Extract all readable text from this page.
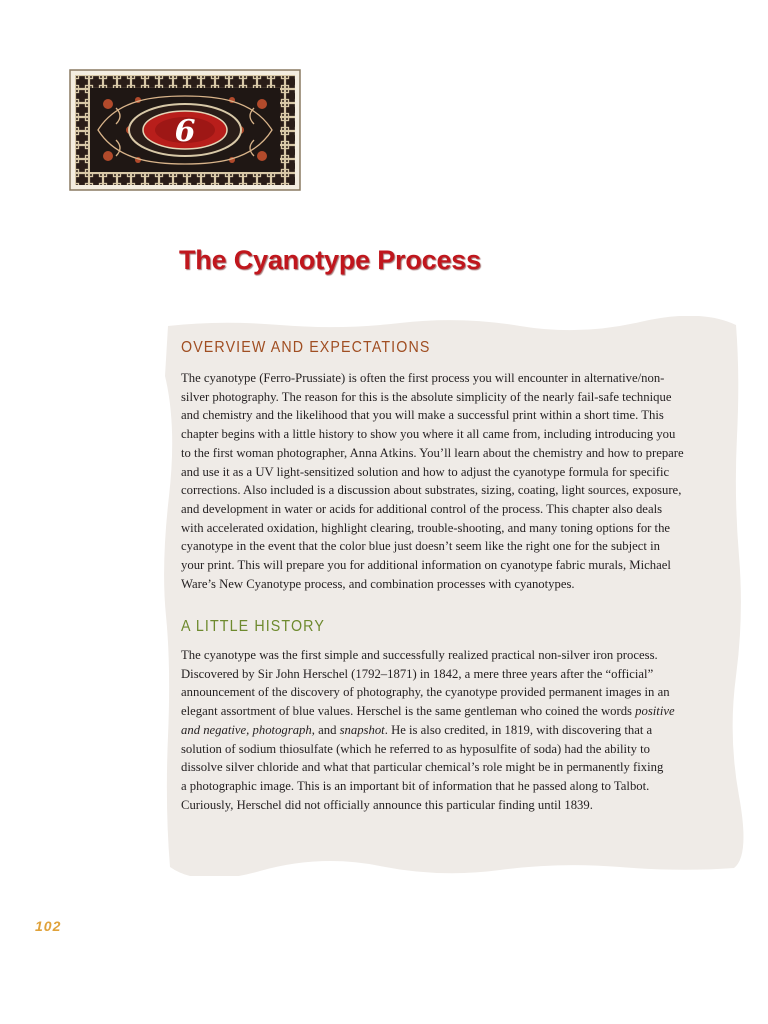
6
The Cyanotype Process
OVERVIEW AND EXPECTATIONS

The cyanotype (Ferro-Prussiate) is often the first process you will encounter in alternative/non-
silver photography. The reason for this is the absolute simplicity of the nearly fail-safe technique
and chemistry and the likelihood that you will make a successful print within a short time. This
chapter begins with a little history to show you where it all came from, including introducing you
to the first woman photographer, Anna Atkins. You’ll learn about the chemistry and how to prepare
and use it as a UV light-sensitized solution and how to adjust the cyanotype formula for specific
corrections. Also included is a discussion about substrates, sizing, coating, light sources, exposure,
and development in water or acids for additional control of the process. This chapter also deals
with accelerated oxidation, highlight clearing, trouble-shooting, and many toning options for the
cyanotype in the event that the color blue just doesn’t seem like the right one for the subject in
your print. This will prepare you for additional information on cyanotype fabric murals, Michael
Ware’s New Cyanotype process, and combination processes with cyanotypes.

A LITTLE HISTORY

The cyanotype was the first simple and successfully realized practical non-silver iron process.
Discovered by Sir John Herschel (1792–1871) in 1842, a mere three years after the “official”
announcement of the discovery of photography, the cyanotype provided permanent images in an
elegant assortment of blue values. Herschel is the same gentleman who coined the words positive
and negative, photograph, and snapshot. He is also credited, in 1819, with discovering that a
solution of sodium thiosulfate (which he referred to as hyposulfite of soda) had the ability to
dissolve silver chloride and what that particular chemical’s role might be in permanently fixing
a photographic image. This is an important bit of information that he passed along to Talbot.
Curiously, Herschel did not officially announce this particular finding until 1839.

102
